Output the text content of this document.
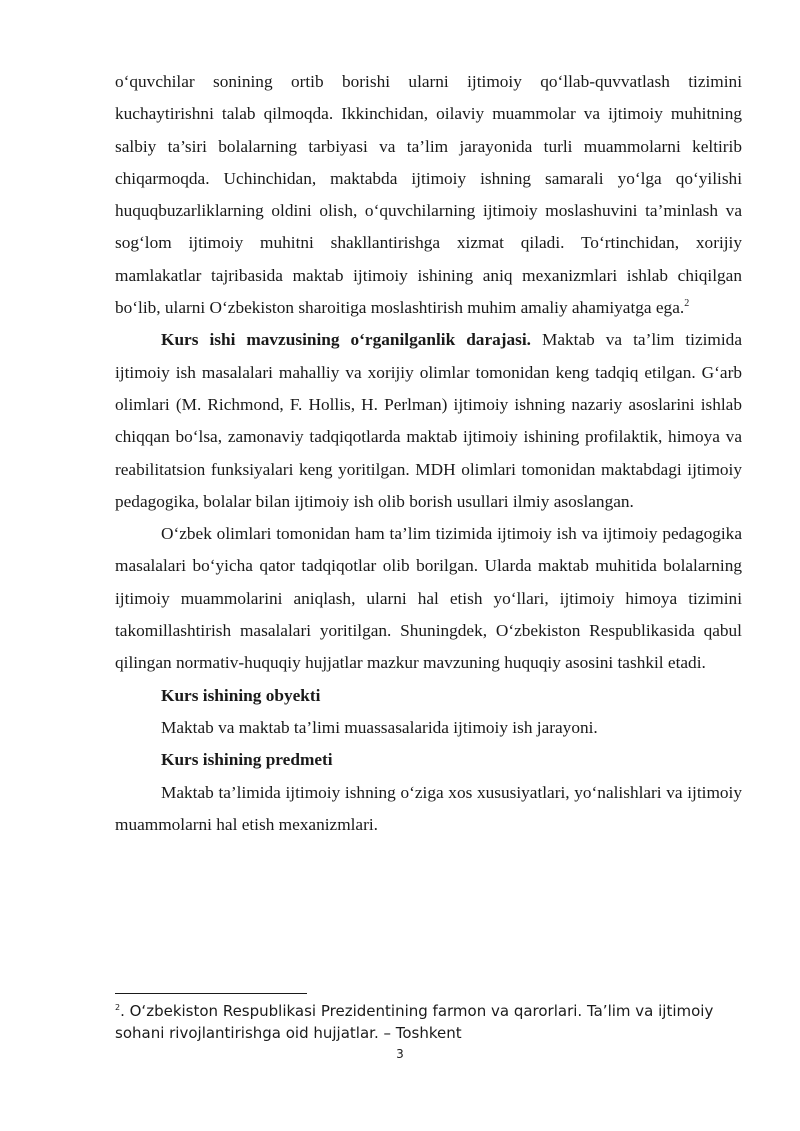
o‘quvchilar sonining ortib borishi ularni ijtimoiy qo‘llab-quvvatlash tizimini kuchaytirishni talab qilmoqda. Ikkinchidan, oilaviy muammolar va ijtimoiy muhitning salbiy ta’siri bolalarning tarbiyasi va ta’lim jarayonida turli muammolarni keltirib chiqarmoqda. Uchinchidan, maktabda ijtimoiy ishning samarali yo‘lga qo‘yilishi huquqbuzarliklarning oldini olish, o‘quvchilarning ijtimoiy moslashuvini ta’minlash va sog‘lom ijtimoiy muhitni shakllantirishga xizmat qiladi. To‘rtinchidan, xorijiy mamlakatlar tajribasida maktab ijtimoiy ishining aniq mexanizmlari ishlab chiqilgan bo‘lib, ularni O‘zbekiston sharoitiga moslashtirish muhim amaliy ahamiyatga ega.$^2$

Kurs ishi mavzusining o‘rganilganlik darajasi. Maktab va ta’lim tizimida ijtimoiy ish masalalari mahalliy va xorijiy olimlar tomonidan keng tadqiq etilgan. G‘arb olimlari (M. Richmond, F. Hollis, H. Perlman) ijtimoiy ishning nazariy asoslarini ishlab chiqqan bo‘lsa, zamonaviy tadqiqotlarda maktab ijtimoiy ishining profilaktik, himoya va reabilitatsion funksiyalari keng yoritilgan. MDH olimlari tomonidan maktabdagi ijtimoiy pedagogika, bolalar bilan ijtimoiy ish olib borish usullari ilmiy asoslangan.

O‘zbek olimlari tomonidan ham ta’lim tizimida ijtimoiy ish va ijtimoiy pedagogika masalalari bo‘yicha qator tadqiqotlar olib borilgan. Ularda maktab muhitida bolalarning ijtimoiy muammolarini aniqlash, ularni hal etish yo‘llari, ijtimoiy himoya tizimini takomillashtirish masalalari yoritilgan. Shuningdek, O‘zbekiston Respublikasida qabul qilingan normativ-huquqiy hujjatlar mazkur mavzuning huquqiy asosini tashkil etadi.

Kurs ishining obyekti

Maktab va maktab ta’limi muassasalarida ijtimoiy ish jarayoni.

Kurs ishining predmeti

Maktab ta’limida ijtimoiy ishning o‘ziga xos xususiyatlari, yo‘nalishlari va ijtimoiy muammolarni hal etish mexanizmlari.

$^2$. O‘zbekiston Respublikasi Prezidentining farmon va qarorlari. Ta’lim va ijtimoiy sohani rivojlantirishga oid hujjatlar. – Toshkent
3
